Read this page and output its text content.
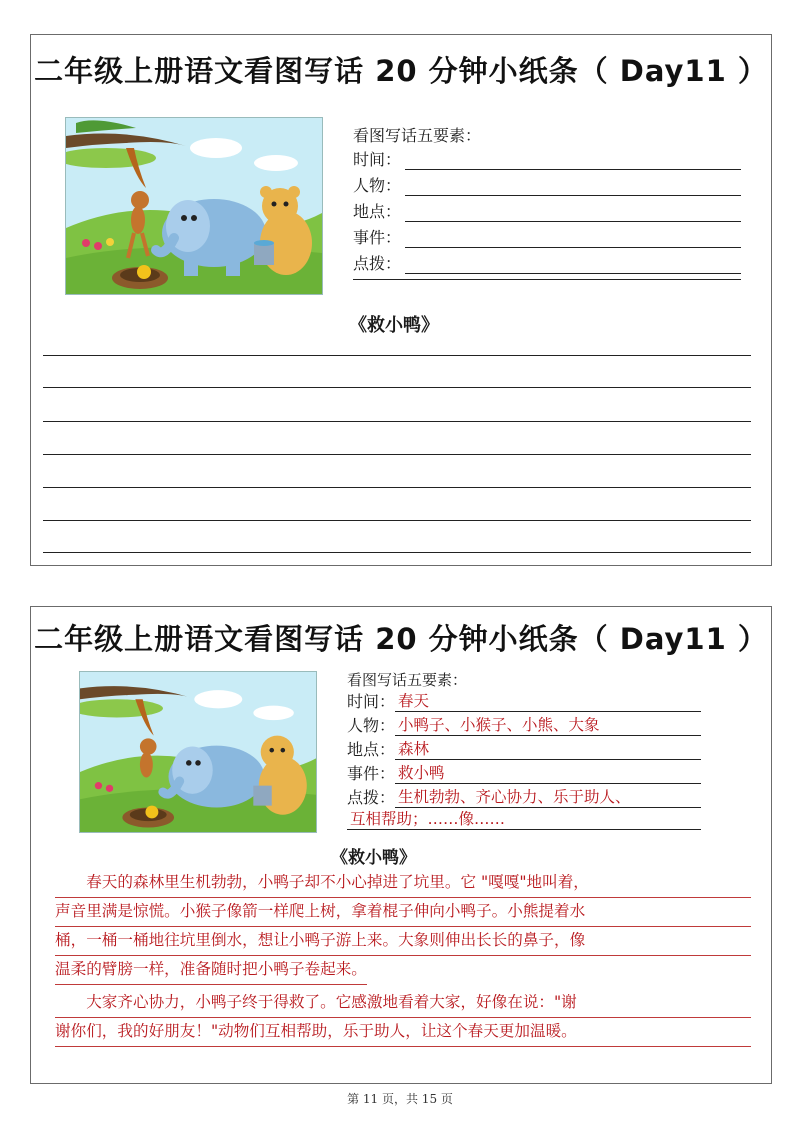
二年级上册语文看图写话 20 分钟小纸条（ Day11 ）
看图写话五要素：
时间：
人物：
地点：
事件：
点拨：
《救小鸭》
二年级上册语文看图写话 20 分钟小纸条（ Day11 ）
看图写话五要素：
时间： 春天
人物： 小鸭子、小猴子、小熊、大象
地点： 森林
事件： 救小鸭
点拨： 生机勃勃、齐心协力、乐于助人、
互相帮助；……像……
《救小鸭》
　　春天的森林里生机勃勃，小鸭子却不小心掉进了坑里。它 "嘎嘎"地叫着，
声音里满是惊慌。小猴子像箭一样爬上树，拿着棍子伸向小鸭子。小熊提着水
桶，一桶一桶地往坑里倒水，想让小鸭子游上来。大象则伸出长长的鼻子，像
温柔的臂膀一样，准备随时把小鸭子卷起来。
　　大家齐心协力，小鸭子终于得救了。它感激地看着大家，好像在说："谢
谢你们，我的好朋友！"动物们互相帮助，乐于助人，让这个春天更加温暖。
第 11 页，共 15 页
